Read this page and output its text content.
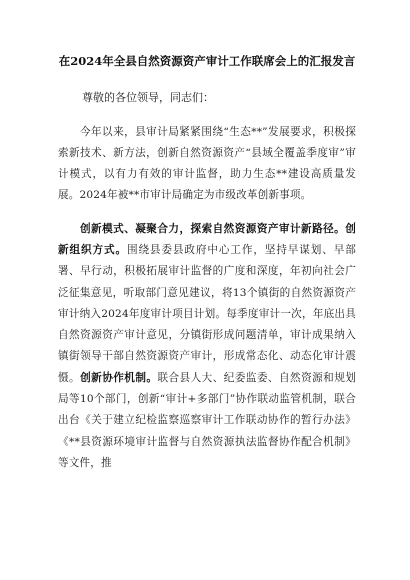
在2024年全县自然资源资产审计工作联席会上的汇报发言
尊敬的各位领导，同志们：
今年以来，县审计局紧紧围绕“生态**”发展要求，积极探索新技术、新方法，创新自然资源资产“县域全覆盖季度审”审计模式，以有力有效的审计监督，助力生态**建设高质量发展。2024年被**市审计局确定为市级改革创新事项。
创新模式、凝聚合力，探索自然资源资产审计新路径。创新组织方式。围绕县委县政府中心工作，坚持早谋划、早部署、早行动，积极拓展审计监督的广度和深度，年初向社会广泛征集意见，听取部门意见建议，将13个镇街的自然资源资产审计纳入2024年度审计项目计划。每季度审计一次，年底出具自然资源资产审计意见，分镇街形成问题清单，审计成果纳入镇街领导干部自然资源资产审计，形成常态化、动态化审计震慑。创新协作机制。联合县人大、纪委监委、自然资源和规划局等10个部门，创新“审计+多部门”协作联动监管机制，联合出台《关于建立纪检监察巡察审计工作联动协作的暂行办法》《**县资源环境审计监督与自然资源执法监督协作配合机制》等文件，推
